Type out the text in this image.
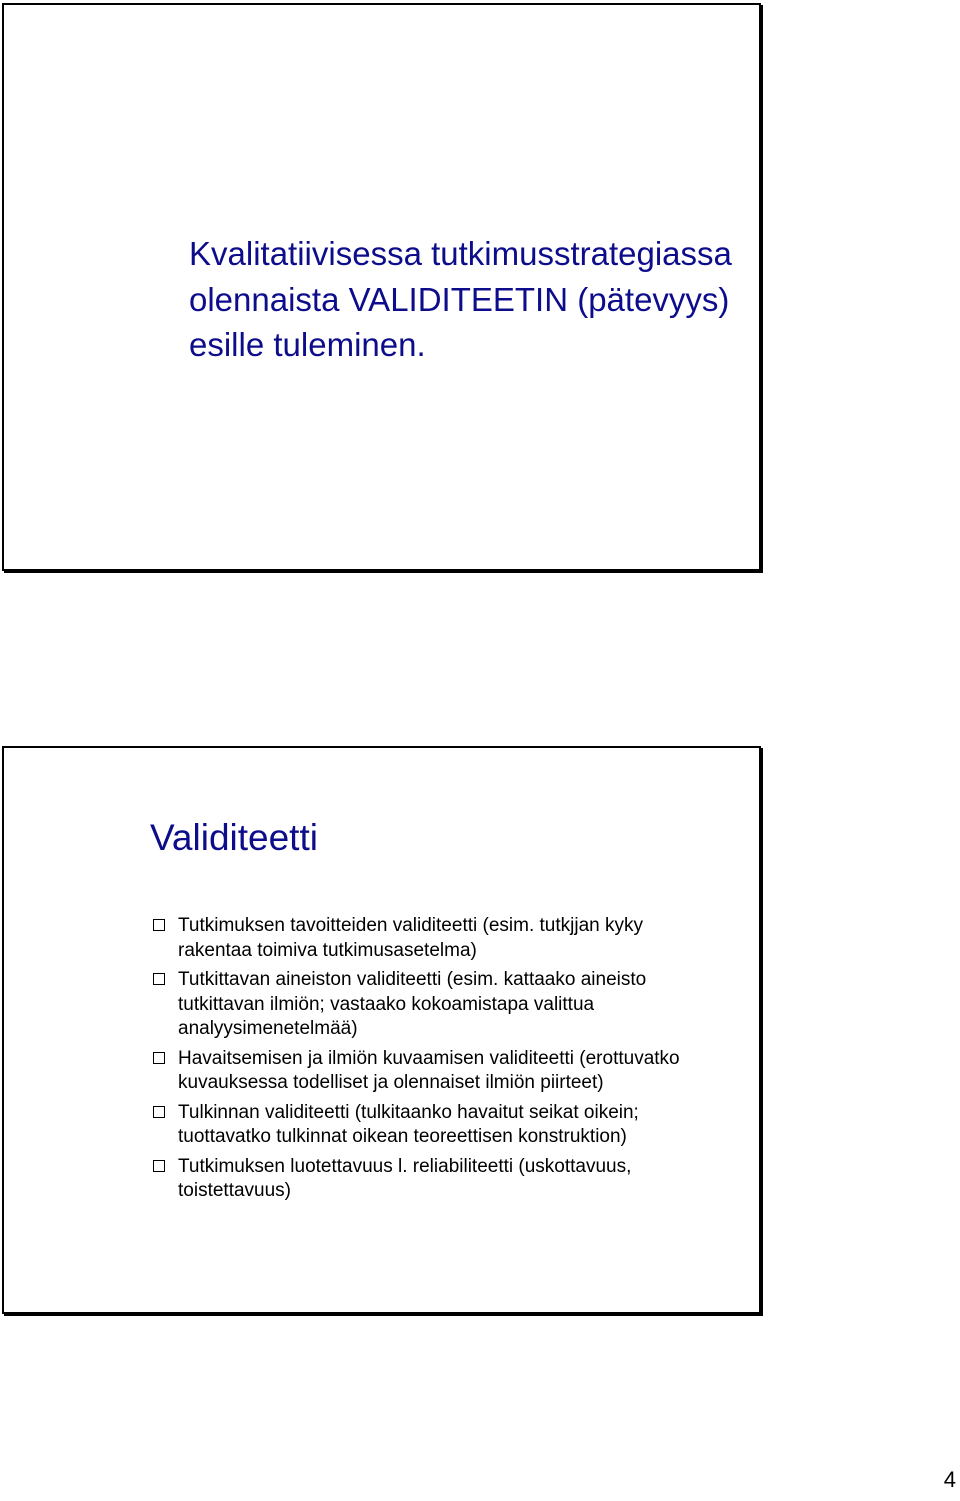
Kvalitatiivisessa tutkimusstrategiassa olennaista VALIDITEETIN (pätevyys) esille tuleminen.
Validiteetti
Tutkimuksen tavoitteiden validiteetti (esim. tutkjjan kyky rakentaa toimiva tutkimusasetelma)
Tutkittavan aineiston validiteetti (esim. kattaako aineisto tutkittavan ilmiön; vastaako kokoamistapa valittua analyysimenetelmää)
Havaitsemisen ja ilmiön kuvaamisen validiteetti (erottuvatko kuvauksessa todelliset ja olennaiset ilmiön piirteet)
Tulkinnan validiteetti (tulkitaanko havaitut seikat oikein; tuottavatko tulkinnat oikean teoreettisen konstruktion)
Tutkimuksen luotettavuus l. reliabiliteetti (uskottavuus, toistettavuus)

4
